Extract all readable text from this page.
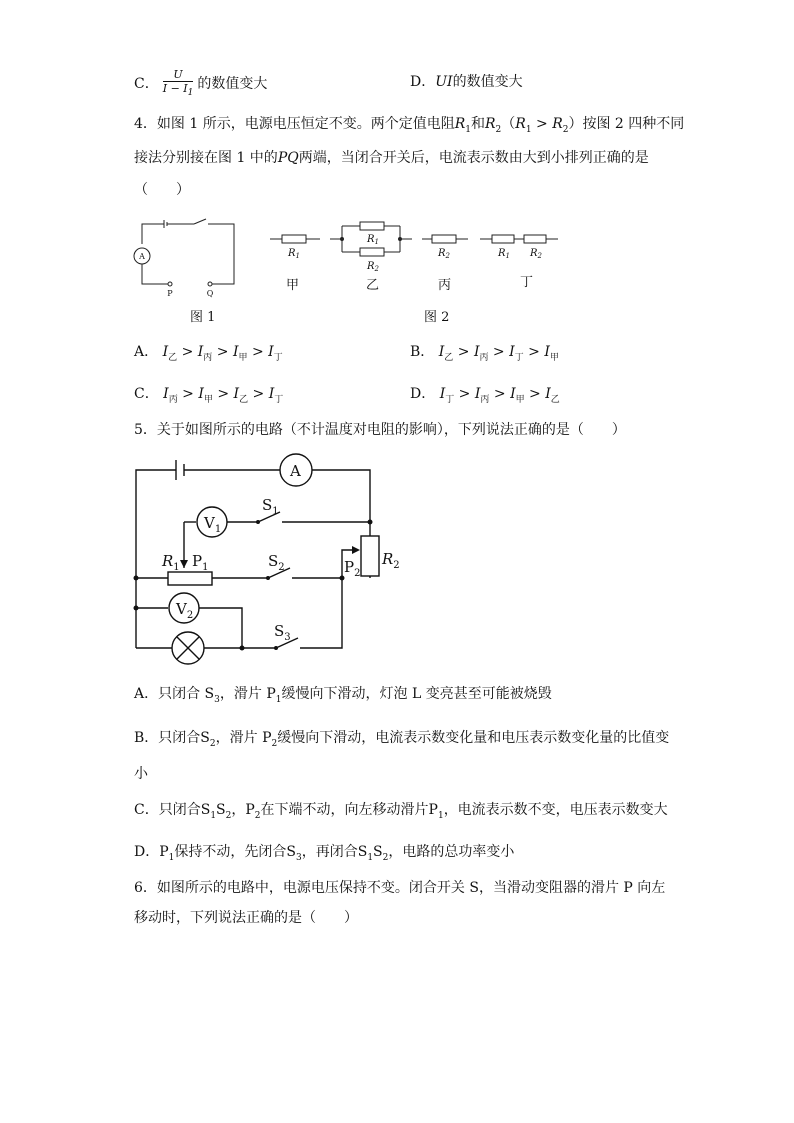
C． $\frac{U}{I - I_1}$ 的数值变大	D．UI的数值变大
4．如图 1 所示，电源电压恒定不变。两个定值电阻$R_1$和$R_2(R_1 > R_2)$按图 2 四种不同
接法分别接在图 1 中的PQ两端，当闭合开关后，电流表示数由大到小排列正确的是
（　　）
A
P	Q
图 1
$R_1$
$R_1$
$R_2$
$R_2$	$R_1$ $R_2$
甲	乙	丙	丁
图 2
A． $I_乙 > I_丙 > I_甲 > I_丁$	B． $I_乙 > I_丙 > I_丁 > I_甲$
C． $I_丙 > I_甲 > I_乙 > I_丁$	D． $I_丁 > I_丙 > I_甲 > I_乙$
5．关于如图所示的电路（不计温度对电阻的影响），下列说法正确的是（　　）
A
$V_1$
$V_2$
$S_1$
$S_2$
$S_3$
$R_1$ $P_1$	$P_2$
$R_2$
A．只闭合 $S_3$，滑片 $P_1$缓慢向下滑动，灯泡 L 变亮甚至可能被烧毁
B．只闭合$S_2$，滑片 $P_2$缓慢向下滑动，电流表示数变化量和电压表示数变化量的比值变
小
C．只闭合$S_1S_2$，$P_2$在下端不动，向左移动滑片$P_1$，电流表示数不变，电压表示数变大
D．$P_1$保持不动，先闭合$S_3$，再闭合$S_1S_2$，电路的总功率变小
6．如图所示的电路中，电源电压保持不变。闭合开关 S，当滑动变阻器的滑片 P 向左
移动时，下列说法正确的是（　　）
